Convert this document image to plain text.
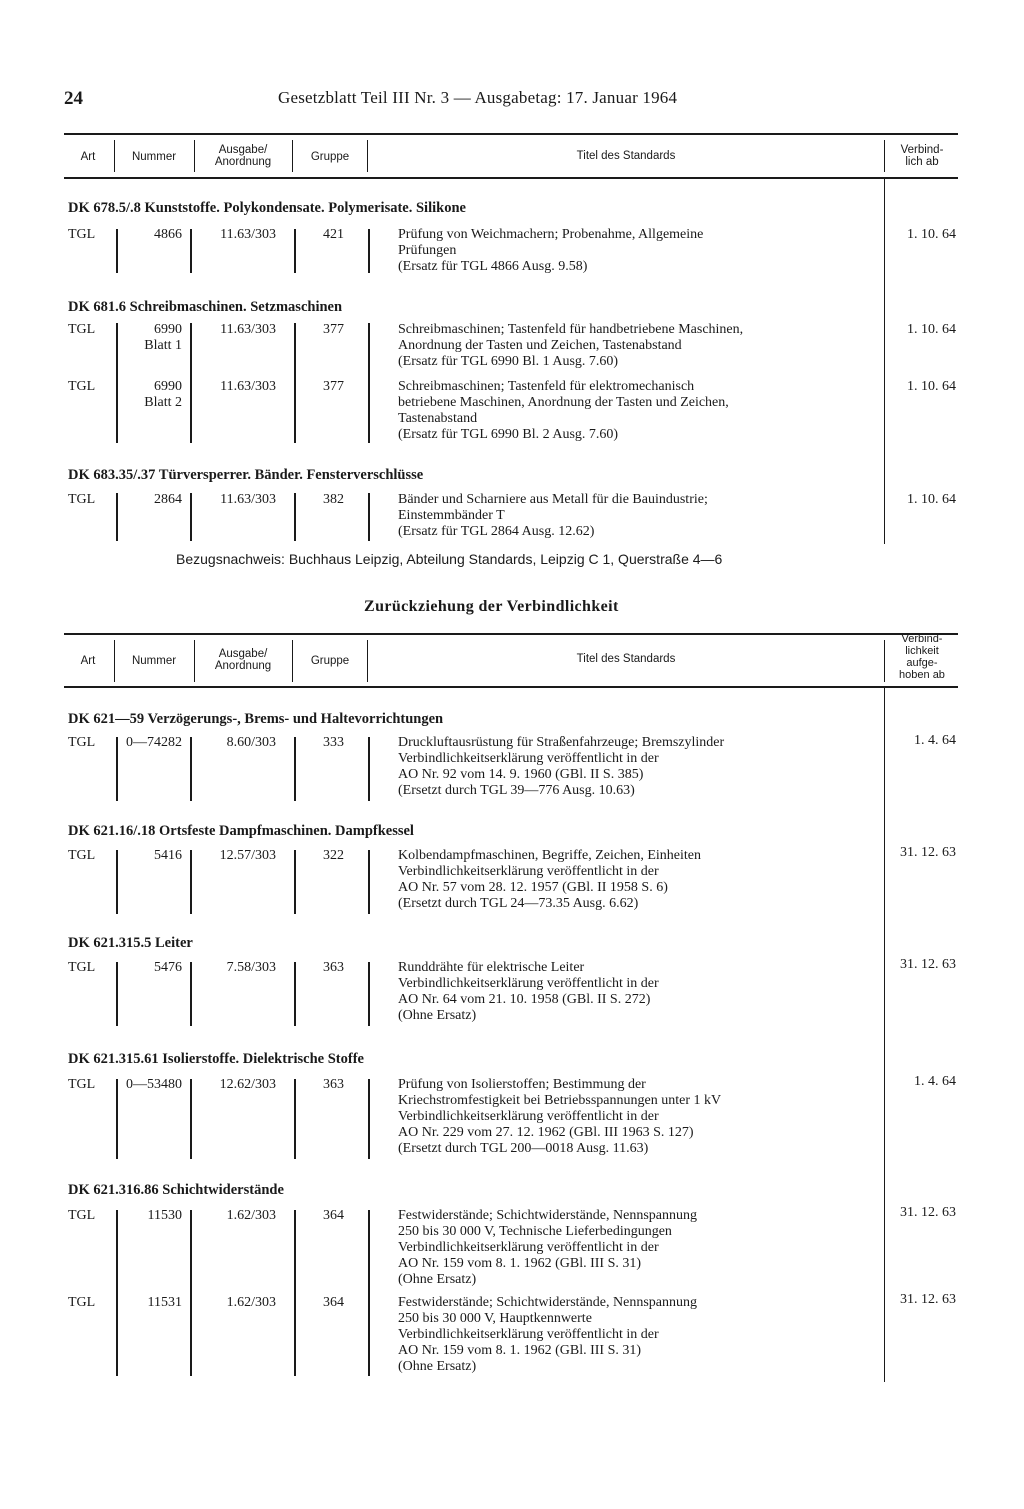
24	Gesetzblatt Teil III Nr. 3 — Ausgabetag: 17. Januar 1964
Art	Nummer
Ausgabe/
Anordnung	Gruppe	Titel des Standards	Verbind-
lich ab
DK 678.5/.8 Kunststoffe. Polykondensate. Polymerisate. Silikone
TGL	4866	11.63/303	421	Prüfung von Weichmachern; Probenahme, Allgemeine
Prüfungen
(Ersatz für TGL 4866 Ausg. 9.58)
1. 10. 64
DK 681.6 Schreibmaschinen. Setzmaschinen
TGL	6990
Blatt 1
11.63/303	377	Schreibmaschinen; Tastenfeld für handbetriebene Maschinen,
Anordnung der Tasten und Zeichen, Tastenabstand
(Ersatz für TGL 6990 Bl. 1 Ausg. 7.60)
1. 10. 64
TGL	6990
Blatt 2
11.63/303	377	Schreibmaschinen; Tastenfeld für elektromechanisch
betriebene Maschinen, Anordnung der Tasten und Zeichen,
Tastenabstand
(Ersatz für TGL 6990 Bl. 2 Ausg. 7.60)
1. 10. 64
DK 683.35/.37 Türversperrer. Bänder. Fensterverschlüsse
TGL	2864	11.63/303	382	Bänder und Scharniere aus Metall für die Bauindustrie;
Einstemmbänder T
(Ersatz für TGL 2864 Ausg. 12.62)
1. 10. 64
Bezugsnachweis: Buchhaus Leipzig, Abteilung Standards, Leipzig C 1, Querstraße 4—6
Zurückziehung der Verbindlichkeit
Art	Nummer
Ausgabe/
Anordnung	Gruppe	Titel des Standards
Verbind-
lichkeit
aufge-
hoben ab
DK 621—59 Verzögerungs-, Brems- und Haltevorrichtungen
TGL	0—74282	8.60/303	333	Druckluftausrüstung für Straßenfahrzeuge; Bremszylinder
Verbindlichkeitserklärung veröffentlicht in der
AO Nr. 92 vom 14. 9. 1960 (GBl. II S. 385)
(Ersetzt durch TGL 39—776 Ausg. 10.63)
1. 4. 64
DK 621.16/.18 Ortsfeste Dampfmaschinen. Dampfkessel
TGL	5416	12.57/303	322	Kolbendampfmaschinen, Begriffe, Zeichen, Einheiten
Verbindlichkeitserklärung veröffentlicht in der
AO Nr. 57 vom 28. 12. 1957 (GBl. II 1958 S. 6)
(Ersetzt durch TGL 24—73.35 Ausg. 6.62)
31. 12. 63
DK 621.315.5 Leiter
TGL	5476	7.58/303	363	Runddrähte für elektrische Leiter
Verbindlichkeitserklärung veröffentlicht in der
AO Nr. 64 vom 21. 10. 1958 (GBl. II S. 272)
(Ohne Ersatz)
31. 12. 63
DK 621.315.61 Isolierstoffe. Dielektrische Stoffe
TGL	0—53480	12.62/303	363	Prüfung von Isolierstoffen; Bestimmung der
Kriechstromfestigkeit bei Betriebsspannungen unter 1 kV
Verbindlichkeitserklärung veröffentlicht in der
AO Nr. 229 vom 27. 12. 1962 (GBl. III 1963 S. 127)
(Ersetzt durch TGL 200—0018 Ausg. 11.63)
1. 4. 64
DK 621.316.86 Schichtwiderstände
TGL	11530	1.62/303	364	Festwiderstände; Schichtwiderstände, Nennspannung
250 bis 30 000 V, Technische Lieferbedingungen
Verbindlichkeitserklärung veröffentlicht in der
AO Nr. 159 vom 8. 1. 1962 (GBl. III S. 31)
(Ohne Ersatz)
31. 12. 63
TGL	11531	1.62/303	364	Festwiderstände; Schichtwiderstände, Nennspannung
250 bis 30 000 V, Hauptkennwerte
Verbindlichkeitserklärung veröffentlicht in der
AO Nr. 159 vom 8. 1. 1962 (GBl. III S. 31)
(Ohne Ersatz)
31. 12. 63
